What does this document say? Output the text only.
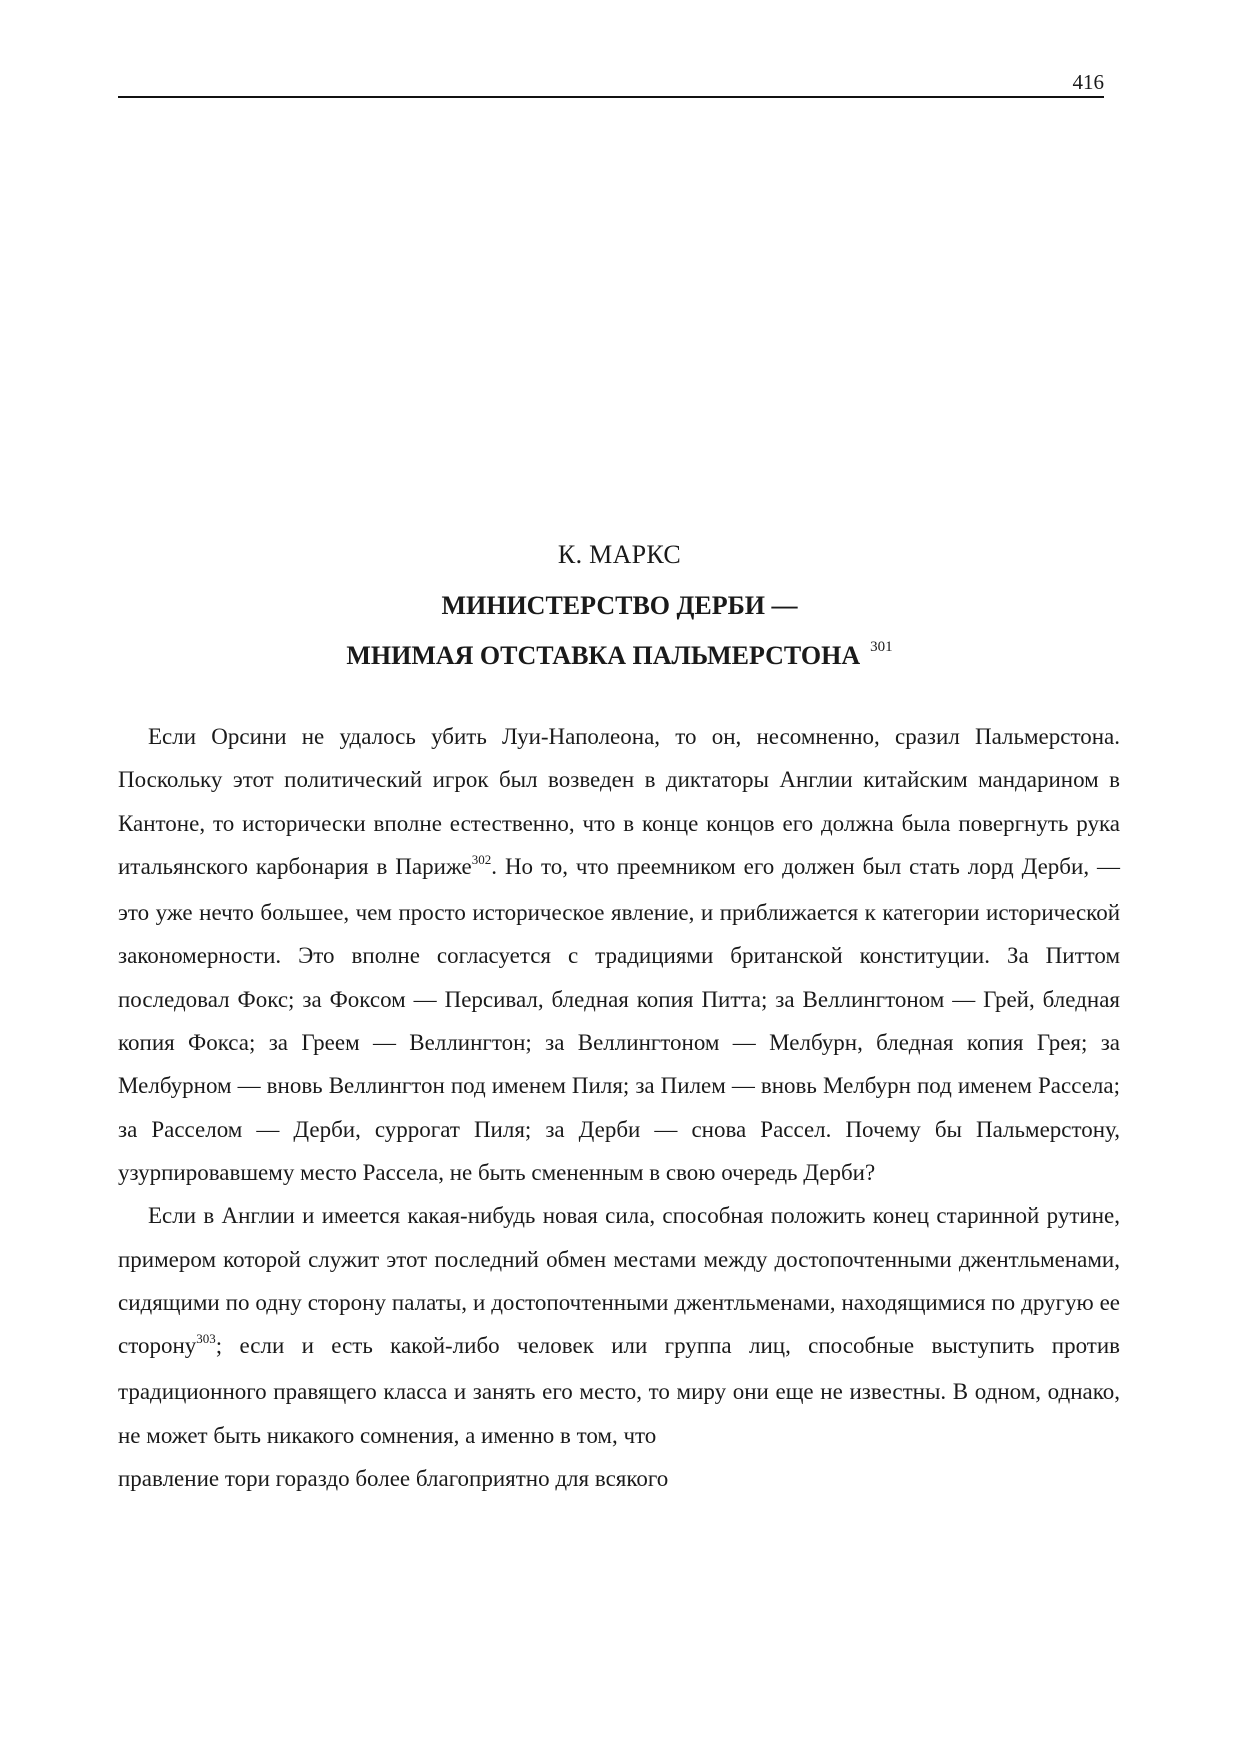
416
К. МАРКС
МИНИСТЕРСТВО ДЕРБИ —
МНИМАЯ ОТСТАВКА ПАЛЬМЕРСТОНА $^{301}$

Если Орсини не удалось убить Луи-Наполеона, то он, несомненно, сразил Пальмерстона. Поскольку этот политический игрок был возведен в диктаторы Англии китайским мандарином в Кантоне, то исторически вполне естественно, что в конце концов его должна была повергнуть рука итальянского карбонария в Париже$^{302}$. Но то, что преемником его должен был стать лорд Дерби, — это уже нечто большее, чем просто историческое явление, и приближается к категории исторической закономерности. Это вполне согласуется с традициями британской конституции. За Питтом последовал Фокс; за Фоксом — Персивал, бледная копия Питта; за Веллингтоном — Грей, бледная копия Фокса; за Греем — Веллингтон; за Веллингтоном — Мелбурн, бледная копия Грея; за Мелбурном — вновь Веллингтон под именем Пиля; за Пилем — вновь Мелбурн под именем Рассела; за Расселом — Дерби, суррогат Пиля; за Дерби — снова Рассел. Почему бы Пальмерстону, узурпировавшему место Рассела, не быть смененным в свою очередь Дерби?

Если в Англии и имеется какая-нибудь новая сила, способная положить конец старинной рутине, примером которой служит этот последний обмен местами между достопочтенными джентльменами, сидящими по одну сторону палаты, и достопочтенными джентльменами, находящимися по другую ее сторону$^{303}$; если и есть какой-либо человек или группа лиц, способные выступить против традиционного правящего класса и занять его место, то миру они еще не известны. В одном, однако, не может быть никакого сомнения, а именно в том, что

правление тори гораздо более благоприятно для всякого
